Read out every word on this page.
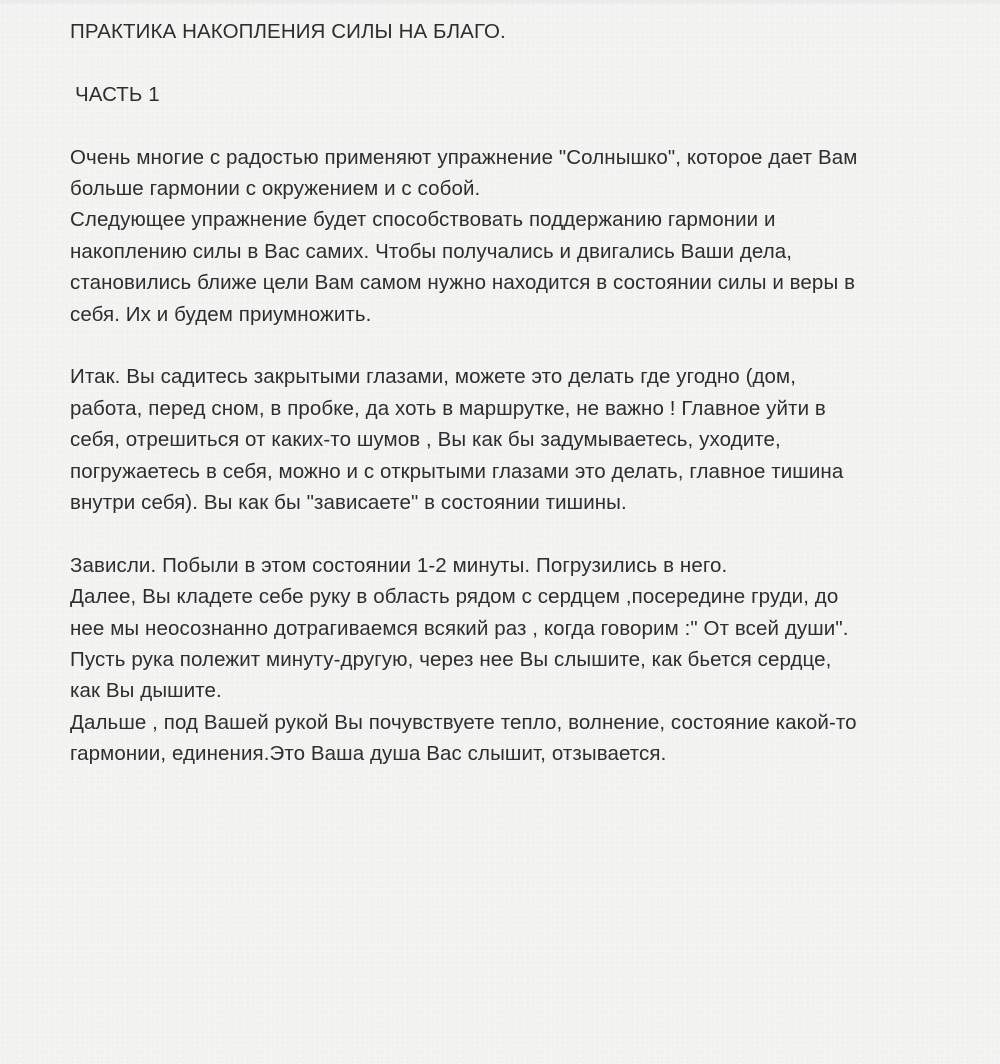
ПРАКТИКА НАКОПЛЕНИЯ СИЛЫ НА БЛАГО.

ЧАСТЬ 1

Очень многие с радостью применяют упражнение "Солнышко", которое дает Вам

больше гармонии с окружением и с собой.

Следующее упражнение будет способствовать поддержанию гармонии и

накоплению силы в Вас самих. Чтобы получались и двигались Ваши дела,

становились ближе цели Вам самом нужно находится в состоянии силы и веры в

себя. Их и будем приумножить.

Итак. Вы садитесь закрытыми глазами, можете это делать где угодно (дом,

работа, перед сном, в пробке, да хоть в маршрутке, не важно ! Главное уйти в

себя, отрешиться от каких-то шумов , Вы как бы задумываетесь, уходите,

погружаетесь в себя, можно и с открытыми глазами это делать, главное тишина

внутри себя). Вы как бы "зависаете" в состоянии тишины.

Зависли. Побыли в этом состоянии 1-2 минуты. Погрузились в него.

Далее, Вы кладете себе руку в область рядом с сердцем ,посередине груди, до

нее мы неосознанно дотрагиваемся всякий раз , когда говорим :" От всей души".

Пусть рука полежит минуту-другую, через нее Вы слышите, как бьется сердце,

как Вы дышите.

Дальше , под Вашей рукой Вы почувствуете тепло, волнение, состояние какой-то

гармонии, единения.Это Ваша душа Вас слышит, отзывается.
